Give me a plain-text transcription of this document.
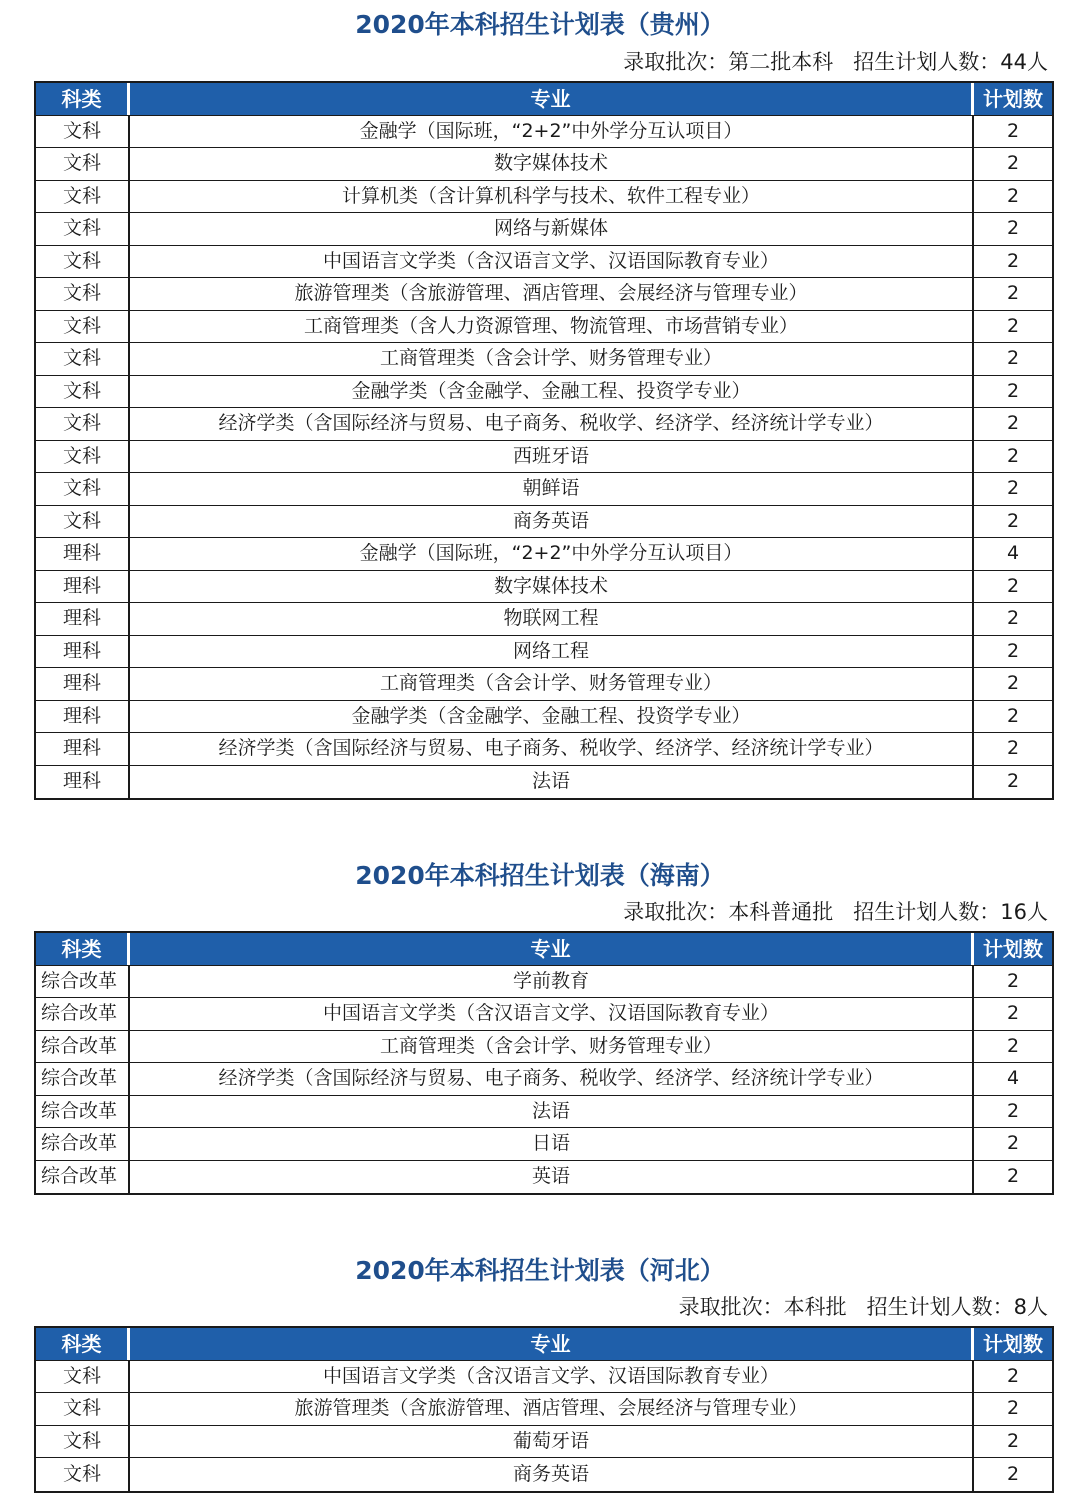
2020年本科招生计划表（贵州）
录取批次：第二批本科   招生计划人数：44人
科类	专业	计划数
文科	金融学（国际班，“2+2”中外学分互认项目）	2
文科	数字媒体技术	2
文科	计算机类（含计算机科学与技术、软件工程专业）	2
文科	网络与新媒体	2
文科	中国语言文学类（含汉语言文学、汉语国际教育专业）	2
文科	旅游管理类（含旅游管理、酒店管理、会展经济与管理专业）	2
文科	工商管理类（含人力资源管理、物流管理、市场营销专业）	2
文科	工商管理类（含会计学、财务管理专业）	2
文科	金融学类（含金融学、金融工程、投资学专业）	2
文科	经济学类（含国际经济与贸易、电子商务、税收学、经济学、经济统计学专业）	2
文科	西班牙语	2
文科	朝鲜语	2
文科	商务英语	2
理科	金融学（国际班，“2+2”中外学分互认项目）	4
理科	数字媒体技术	2
理科	物联网工程	2
理科	网络工程	2
理科	工商管理类（含会计学、财务管理专业）	2
理科	金融学类（含金融学、金融工程、投资学专业）	2
理科	经济学类（含国际经济与贸易、电子商务、税收学、经济学、经济统计学专业）	2
理科	法语	2
2020年本科招生计划表（海南）
录取批次：本科普通批   招生计划人数：16人
科类	专业	计划数
综合改革	学前教育	2
综合改革	中国语言文学类（含汉语言文学、汉语国际教育专业）	2
综合改革	工商管理类（含会计学、财务管理专业）	2
综合改革	经济学类（含国际经济与贸易、电子商务、税收学、经济学、经济统计学专业）	4
综合改革	法语	2
综合改革	日语	2
综合改革	英语	2
2020年本科招生计划表（河北）
录取批次：本科批   招生计划人数：8人
科类	专业	计划数
文科	中国语言文学类（含汉语言文学、汉语国际教育专业）	2
文科	旅游管理类（含旅游管理、酒店管理、会展经济与管理专业）	2
文科	葡萄牙语	2
文科	商务英语	2
